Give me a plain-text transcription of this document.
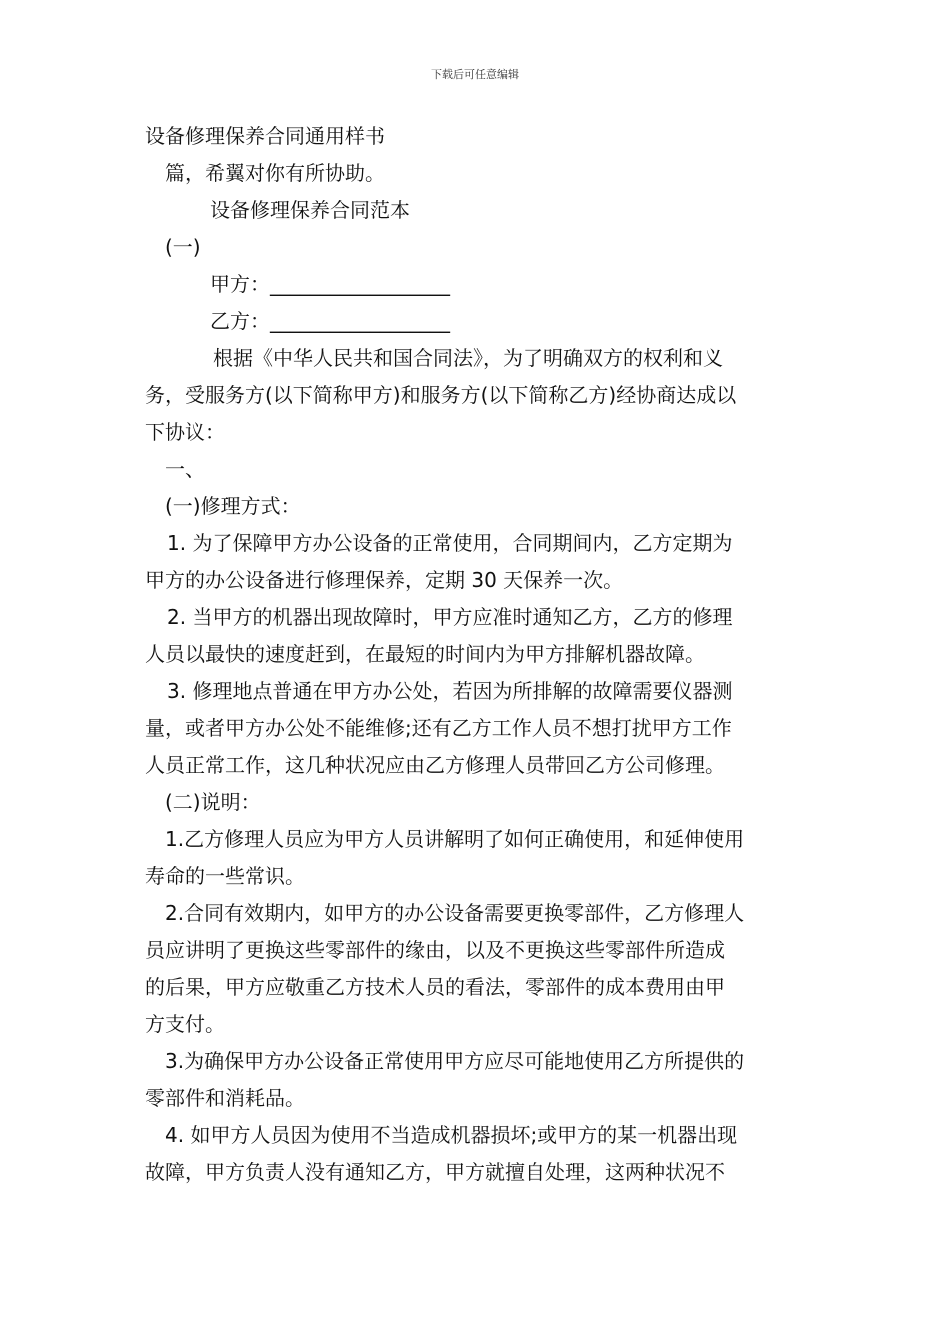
下载后可任意编辑

设备修理保养合同通用样书

篇，希翼对你有所协助。

设备修理保养合同范本

(一)

甲方：__________________

乙方：__________________

根据《中华人民共和国合同法》，为了明确双方的权利和义

务，受服务方(以下简称甲方)和服务方(以下简称乙方)经协商达成以

下协议：

一、

(一)修理方式：

1. 为了保障甲方办公设备的正常使用，合同期间内，乙方定期为

甲方的办公设备进行修理保养，定期 30 天保养一次。

2. 当甲方的机器出现故障时，甲方应准时通知乙方，乙方的修理

人员以最快的速度赶到，在最短的时间内为甲方排解机器故障。

3. 修理地点普通在甲方办公处，若因为所排解的故障需要仪器测

量，或者甲方办公处不能维修;还有乙方工作人员不想打扰甲方工作

人员正常工作，这几种状况应由乙方修理人员带回乙方公司修理。

(二)说明：

1.乙方修理人员应为甲方人员讲解明了如何正确使用，和延伸使用

寿命的一些常识。

2.合同有效期内，如甲方的办公设备需要更换零部件，乙方修理人

员应讲明了更换这些零部件的缘由，以及不更换这些零部件所造成

的后果，甲方应敬重乙方技术人员的看法，零部件的成本费用由甲

方支付。

3.为确保甲方办公设备正常使用甲方应尽可能地使用乙方所提供的

零部件和消耗品。

4. 如甲方人员因为使用不当造成机器损坏;或甲方的某一机器出现

故障，甲方负责人没有通知乙方，甲方就擅自处理，这两种状况不
